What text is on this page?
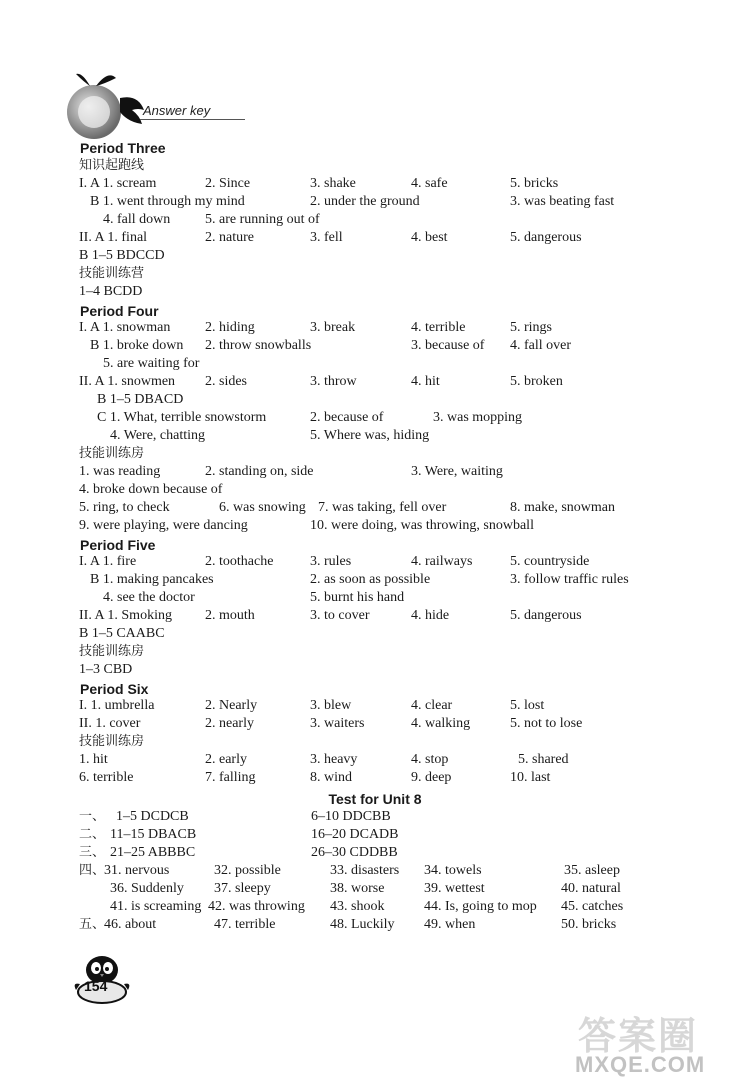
Answer key
Period Three
知识起跑线
I. A 1. scream	2. Since	3. shake	4. safe	5. bricks
B 1. went through my mind	2. under the ground	3. was beating fast
4. fall down 5. are running out of
II. A 1. final	2. nature	3. fell	4. best	5. dangerous
B 1–5 BDCCD
技能训练营
1–4 BCDD
Period Four
I. A 1. snowman 2. hiding	3. break	4. terrible	5. rings
B 1. broke down 2. throw snowballs	3. because of 4. fall over
5. are waiting for
II. A 1. snowmen 2. sides	3. throw	4. hit	5. broken
B 1–5 DBACD
C 1. What, terrible snowstorm	2. because of	3. was mopping
4. Were, chatting	5. Where was, hiding
技能训练房
1. was reading	2. standing on, side	3. Were, waiting
4. broke down because of
5. ring, to check	6. was snowing 7. was taking, fell over	8. make, snowman
9. were playing, were dancing	10. were doing, was throwing, snowball
Period Five
I. A 1. fire	2. toothache	3. rules	4. railways	5. countryside
B 1. making pancakes	2. as soon as possible	3. follow traffic rules
4. see the doctor	5. burnt his hand
II. A 1. Smoking 2. mouth	3. to cover	4. hide	5. dangerous
B 1–5 CAABC
技能训练房
1–3 CBD
Period Six
I. 1. umbrella	2. Nearly	3. blew	4. clear	5. lost
II. 1. cover	2. nearly	3. waiters	4. walking	5. not to lose
技能训练房
1. hit	2. early	3. heavy	4. stop	5. shared
6. terrible	7. falling	8. wind	9. deep	10. last
Test for Unit 8
一、 1–5 DCDCB	6–10 DDCBB
二、 11–15 DBACB	16–20 DCADB
三、 21–25 ABBBC	26–30 CDDBB
四、
31. nervous	32. possible	33. disasters 34. towels	35. asleep
36. Suddenly 37. sleepy	38. worse	39. wettest	40. natural
41. is screaming 42. was throwing 43. shook	44. Is, going to mop 45. catches
五、
46. about	47. terrible	48. Luckily 49. when	50. bricks
154
答案圈
MXQE.COM
